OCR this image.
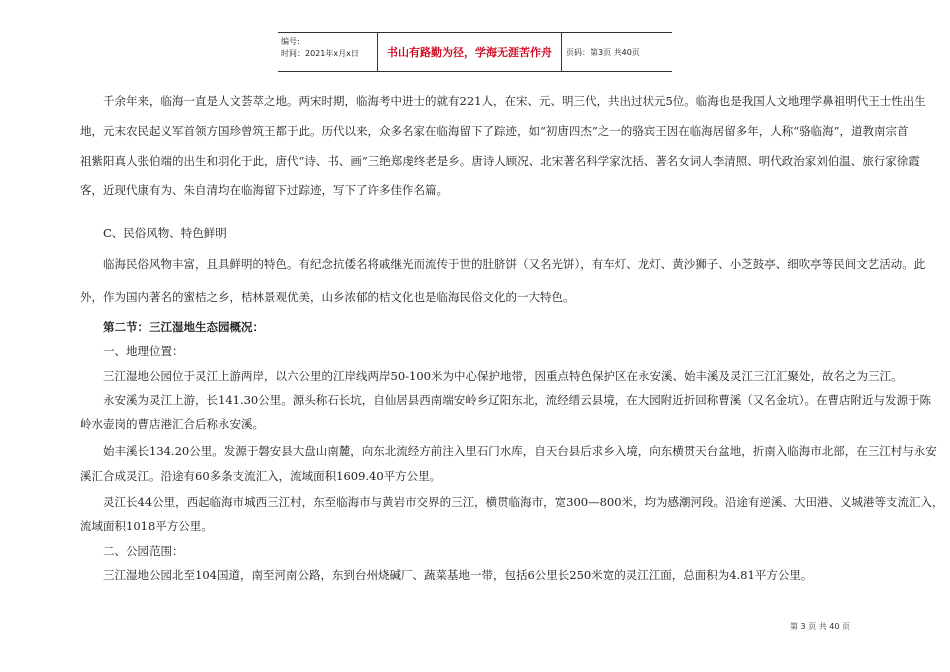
编号:
时间：2021年x月x日	书山有路勤为径，学海无涯苦作舟	页码：第3页 共40页
　　千余年来，临海一直是人文荟萃之地。两宋时期，临海考中进士的就有221人，在宋、元、明三代，共出过状元5位。临海也是我国人文地理学鼻祖明代王士性出生
地，元末农民起义军首领方国珍曾筑王都于此。历代以来，众多名家在临海留下了踪迹，如“初唐四杰”之一的骆宾王因在临海居留多年，人称“骆临海”，道教南宗首
祖紫阳真人张伯端的出生和羽化于此，唐代“诗、书、画”三绝郑虔终老是乡。唐诗人顾况、北宋著名科学家沈括、著名女词人李清照、明代政治家刘伯温、旅行家徐霞
客，近现代康有为、朱自清均在临海留下过踪迹，写下了许多佳作名篇。
　　C、民俗风物、特色鲜明
　　临海民俗风物丰富，且具鲜明的特色。有纪念抗倭名将戚继光而流传于世的肚脐饼（又名光饼），有车灯、龙灯、黄沙狮子、小芝鼓亭、细吹亭等民间文艺活动。此
外，作为国内著名的蜜桔之乡，桔林景观优美，山乡浓郁的桔文化也是临海民俗文化的一大特色。
　　第二节：三江湿地生态园概况：
　　一、地理位置：
　　三江湿地公园位于灵江上游两岸，以六公里的江岸线两岸50-100米为中心保护地带，因重点特色保护区在永安溪、始丰溪及灵江三江汇聚处，故名之为三江。
　　永安溪为灵江上游，长141.30公里。源头称石长坑，自仙居县西南端安岭乡辽阳东北，流经缙云县境，在大园附近折回称曹溪（又名金坑）。在曹店附近与发源于陈
岭水壶岗的曹店港汇合后称永安溪。
　　始丰溪长134.20公里。发源于磐安县大盘山南麓，向东北流经方前注入里石门水库，自天台县后求乡入境，向东横贯天台盆地，折南入临海市北部，在三江村与永安
溪汇合成灵江。沿途有60多条支流汇入，流域面积1609.40平方公里。
　　灵江长44公里，西起临海市城西三江村，东至临海市与黄岩市交界的三江，横贯临海市，宽300—800米，均为感潮河段。沿途有逆溪、大田港、义城港等支流汇入，
流域面积1018平方公里。
　　二、公园范围：
　　三江湿地公园北至104国道，南至河南公路，东到台州烧碱厂、蔬菜基地一带，包括6公里长250米宽的灵江江面，总面积为4.81平方公里。
第 3 页 共 40 页
